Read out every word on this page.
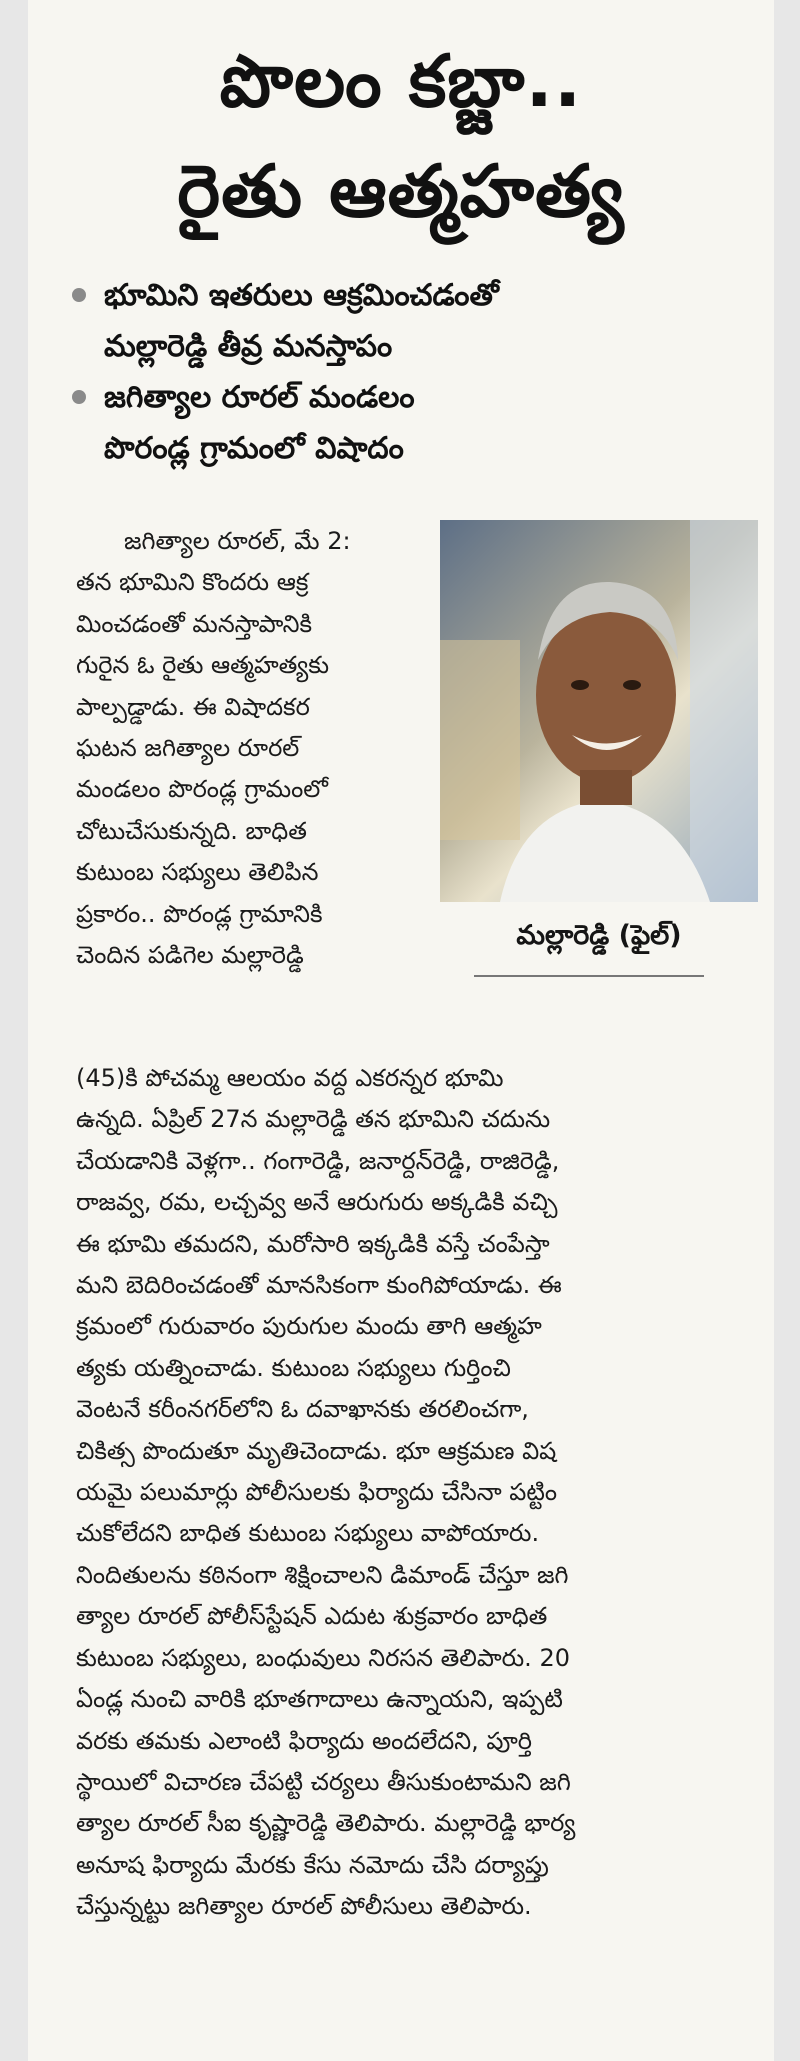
పొలం కబ్జా..
రైతు ఆత్మహత్య
భూమిని ఇతరులు ఆక్రమించడంతో
మల్లారెడ్డి తీవ్ర మనస్తాపం
జగిత్యాల రూరల్ మండలం
పొరండ్ల గ్రామంలో విషాదం
జగిత్యాల రూరల్, మే 2:
తన భూమిని కొందరు ఆక్ర
మించడంతో మనస్తాపానికి
గురైన ఓ రైతు ఆత్మహత్యకు
పాల్పడ్డాడు. ఈ విషాదకర
ఘటన జగిత్యాల రూరల్
మండలం పొరండ్ల గ్రామంలో
చోటుచేసుకున్నది. బాధిత
కుటుంబ సభ్యులు తెలిపిన
ప్రకారం.. పొరండ్ల గ్రామానికి
చెందిన పడిగెల మల్లారెడ్డి
మల్లారెడ్డి (ఫైల్)
(45)కి పోచమ్మ ఆలయం వద్ద ఎకరన్నర భూమి
ఉన్నది. ఏప్రిల్ 27న మల్లారెడ్డి తన భూమిని చదును
చేయడానికి వెళ్లగా.. గంగారెడ్డి, జనార్దన్‌రెడ్డి, రాజిరెడ్డి,
రాజవ్వ, రమ, లచ్చవ్వ అనే ఆరుగురు అక్కడికి వచ్చి
ఈ భూమి తమదని, మరోసారి ఇక్కడికి వస్తే చంపేస్తా
మని బెదిరించడంతో మానసికంగా కుంగిపోయాడు. ఈ
క్రమంలో గురువారం పురుగుల మందు తాగి ఆత్మహ
త్యకు యత్నించాడు. కుటుంబ సభ్యులు గుర్తించి
వెంటనే కరీంనగర్‌లోని ఓ దవాఖానకు తరలించగా,
చికిత్స పొందుతూ మృతిచెందాడు. భూ ఆక్రమణ విష
యమై పలుమార్లు పోలీసులకు ఫిర్యాదు చేసినా పట్టిం
చుకోలేదని బాధిత కుటుంబ సభ్యులు వాపోయారు.
నిందితులను కఠినంగా శిక్షించాలని డిమాండ్ చేస్తూ జగి
త్యాల రూరల్ పోలీస్‌స్టేషన్ ఎదుట శుక్రవారం బాధిత
కుటుంబ సభ్యులు, బంధువులు నిరసన తెలిపారు. 20
ఏండ్ల నుంచి వారికి భూతగాదాలు ఉన్నాయని, ఇప్పటి
వరకు తమకు ఎలాంటి ఫిర్యాదు అందలేదని, పూర్తి
స్థాయిలో విచారణ చేపట్టి చర్యలు తీసుకుంటామని జగి
త్యాల రూరల్ సీఐ కృష్ణారెడ్డి తెలిపారు. మల్లారెడ్డి భార్య
అనూష ఫిర్యాదు మేరకు కేసు నమోదు చేసి దర్యాప్తు
చేస్తున్నట్టు జగిత్యాల రూరల్ పోలీసులు తెలిపారు.
